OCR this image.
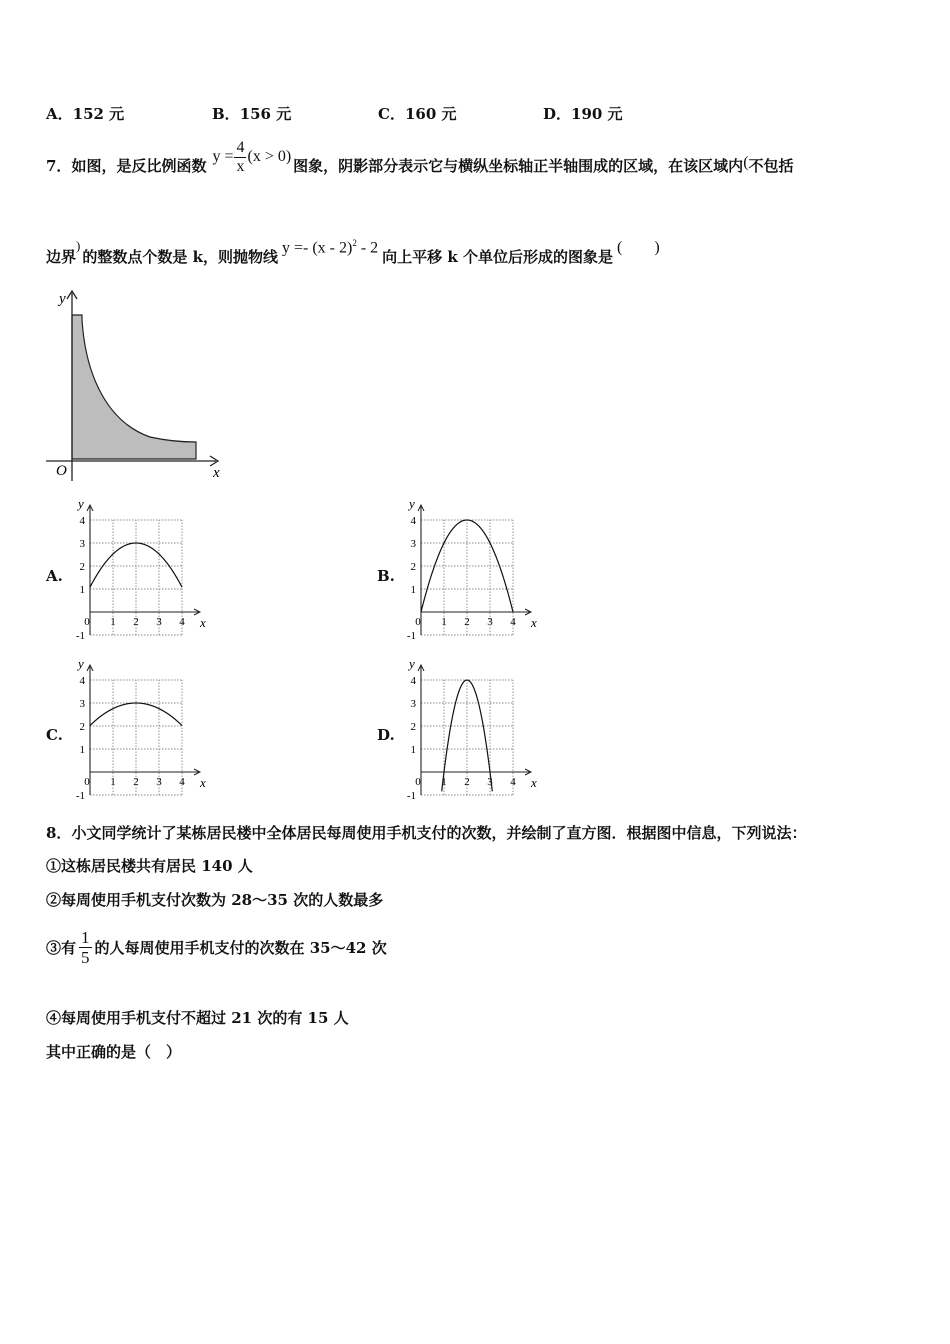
A．152 元	B．156 元	C．160 元	D．190 元
7． 如图，是反比例函数 $y = \frac{4}{x} (x > 0)$ 图象，阴影部分表示它与横纵坐标轴正半轴围成的区域，在该区域内 ( 不包括
边界
)
的整数点个数是 k，则抛物线 y =- (x - 2)$^2$ - 2 向上平移 k 个单位后形成的图象是 (        )
y
x
O
A.	B.
C.	D.
4
3
2
1
-1
0 1 2 3 4 x
y
4
3
2
1
-1
0 1 2 3 4 x
y
4
3
2
1
-1
0 1 2 3 4 x
y
4
3
2
1
-1
0 1 2 3 4 x
y
8．小文同学统计了某栋居民楼中全体居民每周使用手机支付的次数，并绘制了直方图．根据图中信息，下列说法：
①这栋居民楼共有居民 140 人
②每周使用手机支付次数为 28～35 次的人数最多
③有 $\frac{1}{5}$ 的人每周使用手机支付的次数在 35～42 次
④每周使用手机支付不超过 21 次的有 15 人
其中正确的是（　）
